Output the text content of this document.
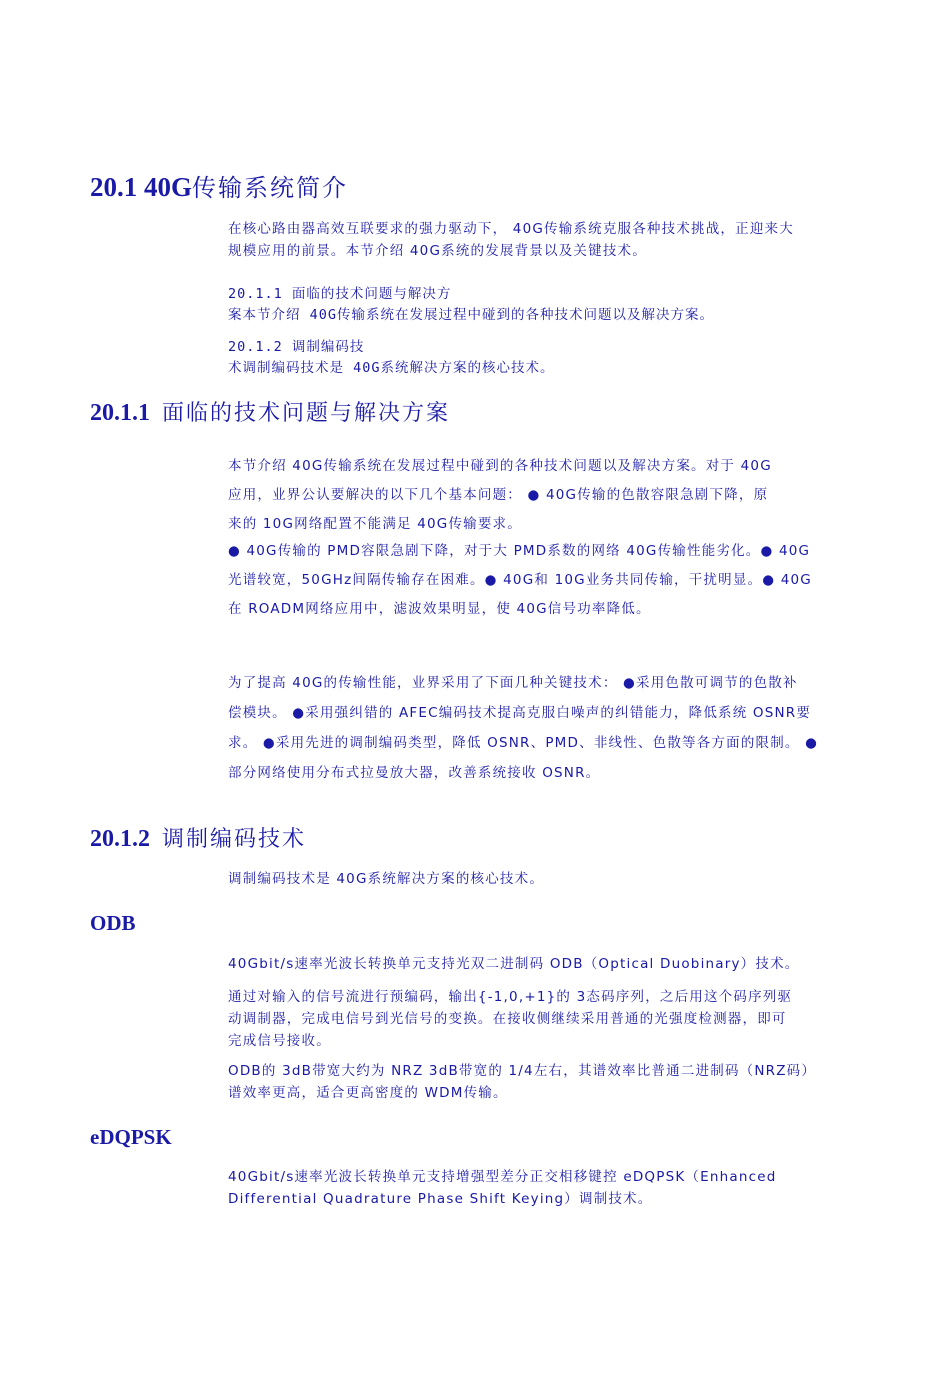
20.1 40G传输系统简介
在核心路由器高效互联要求的强力驱动下， 40G传输系统克服各种技术挑战，正迎来大
规模应用的前景。本节介绍 40G系统的发展背景以及关键技术。
20.1.1 面临的技术问题与解决方
案本节介绍 40G传输系统在发展过程中碰到的各种技术问题以及解决方案。
20.1.2 调制编码技
术调制编码技术是 40G系统解决方案的核心技术。
20.1.1 面临的技术问题与解决方案
本节介绍 40G传输系统在发展过程中碰到的各种技术问题以及解决方案。对于 40G
应用，业界公认要解决的以下几个基本问题： ● 40G传输的色散容限急剧下降，原
来的 10G网络配置不能满足 40G传输要求。
● 40G传输的 PMD容限急剧下降，对于大 PMD系数的网络 40G传输性能劣化。● 40G
光谱较宽，50GHz间隔传输存在困难。● 40G和 10G业务共同传输，干扰明显。● 40G
在 ROADM网络应用中，滤波效果明显，使 40G信号功率降低。
为了提高 40G的传输性能，业界采用了下面几种关键技术： ●采用色散可调节的色散补
偿模块。 ●采用强纠错的 AFEC编码技术提高克服白噪声的纠错能力，降低系统 OSNR要
求。 ●采用先进的调制编码类型，降低 OSNR、PMD、非线性、色散等各方面的限制。 ●
部分网络使用分布式拉曼放大器，改善系统接收 OSNR。
20.1.2 调制编码技术
调制编码技术是 40G系统解决方案的核心技术。
ODB
40Gbit/s速率光波长转换单元支持光双二进制码 ODB（Optical Duobinary）技术。
通过对输入的信号流进行预编码，输出{-1,0,+1}的 3态码序列，之后用这个码序列驱
动调制器，完成电信号到光信号的变换。在接收侧继续采用普通的光强度检测器，即可
完成信号接收。
ODB的 3dB带宽大约为 NRZ 3dB带宽的 1/4左右，其谱效率比普通二进制码（NRZ码）
谱效率更高，适合更高密度的 WDM传输。
eDQPSK
40Gbit/s速率光波长转换单元支持增强型差分正交相移键控 eDQPSK（Enhanced
Differential Quadrature Phase Shift Keying）调制技术。
